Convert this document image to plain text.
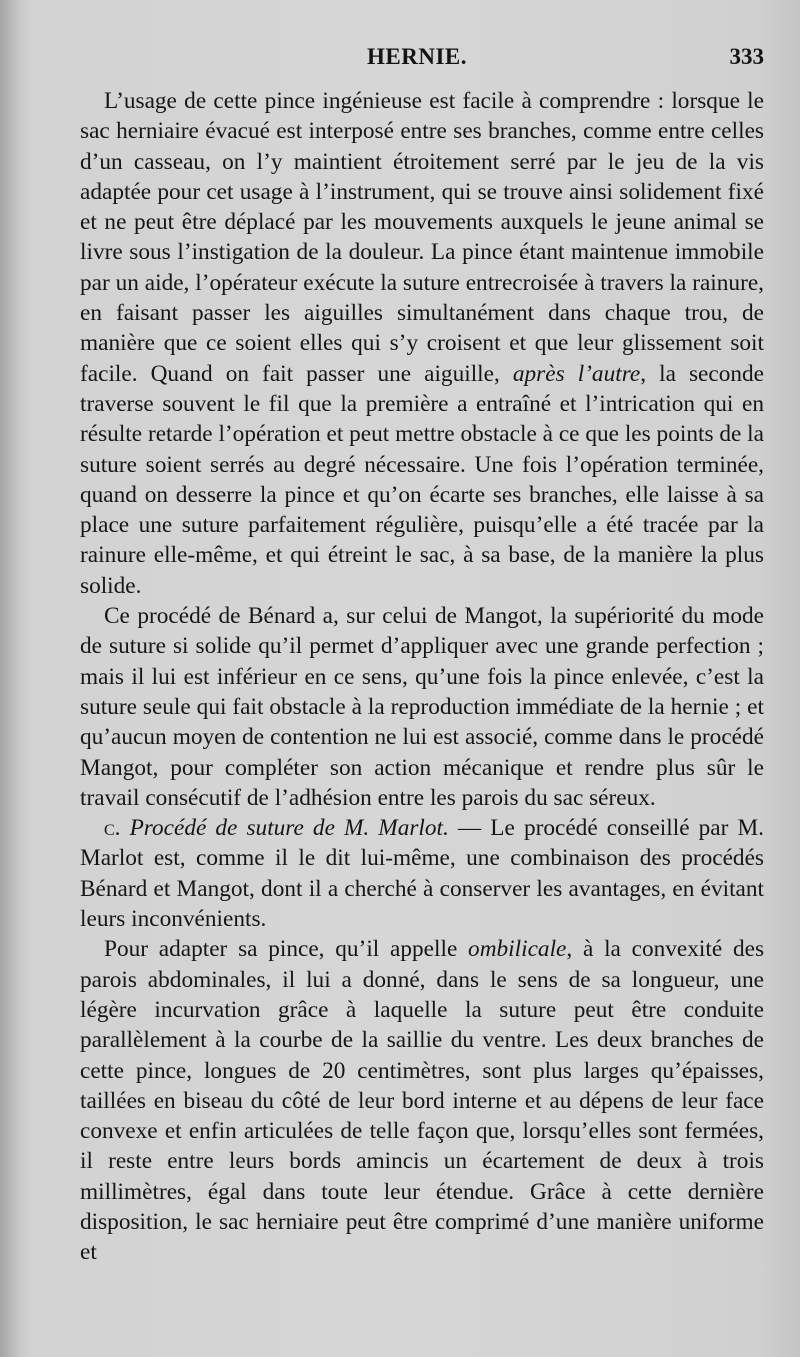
HERNIE.	333

L’usage de cette pince ingénieuse est facile à comprendre : lorsque le sac herniaire évacué est interposé entre ses branches, comme entre celles d’un casseau, on l’y maintient étroitement serré par le jeu de la vis adaptée pour cet usage à l’instrument, qui se trouve ainsi solidement fixé et ne peut être déplacé par les mouvements auxquels le jeune animal se livre sous l’instigation de la douleur. La pince étant maintenue immobile par un aide, l’opérateur exécute la suture entrecroisée à travers la rainure, en faisant passer les aiguilles simultanément dans chaque trou, de manière que ce soient elles qui s’y croisent et que leur glissement soit facile. Quand on fait passer une aiguille, après l’autre, la seconde traverse souvent le fil que la première a entraîné et l’intrication qui en résulte retarde l’opération et peut mettre obstacle à ce que les points de la suture soient serrés au degré nécessaire. Une fois l’opération terminée, quand on desserre la pince et qu’on écarte ses branches, elle laisse à sa place une suture parfaitement régulière, puisqu’elle a été tracée par la rainure elle-même, et qui étreint le sac, à sa base, de la manière la plus solide.

Ce procédé de Bénard a, sur celui de Mangot, la supériorité du mode de suture si solide qu’il permet d’appliquer avec une grande perfection ; mais il lui est inférieur en ce sens, qu’une fois la pince enlevée, c’est la suture seule qui fait obstacle à la reproduction immédiate de la hernie ; et qu’aucun moyen de contention ne lui est associé, comme dans le procédé Mangot, pour compléter son action mécanique et rendre plus sûr le travail consécutif de l’adhésion entre les parois du sac séreux.

c. Procédé de suture de M. Marlot. — Le procédé conseillé par M. Marlot est, comme il le dit lui-même, une combinaison des procédés Bénard et Mangot, dont il a cherché à conserver les avantages, en évitant leurs inconvénients.

Pour adapter sa pince, qu’il appelle ombilicale, à la convexité des parois abdominales, il lui a donné, dans le sens de sa longueur, une légère incurvation grâce à laquelle la suture peut être conduite parallèlement à la courbe de la saillie du ventre. Les deux branches de cette pince, longues de 20 centimètres, sont plus larges qu’épaisses, taillées en biseau du côté de leur bord interne et au dépens de leur face convexe et enfin articulées de telle façon que, lorsqu’elles sont fermées, il reste entre leurs bords amincis un écartement de deux à trois millimètres, égal dans toute leur étendue. Grâce à cette dernière disposition, le sac herniaire peut être comprimé d’une manière uniforme et
